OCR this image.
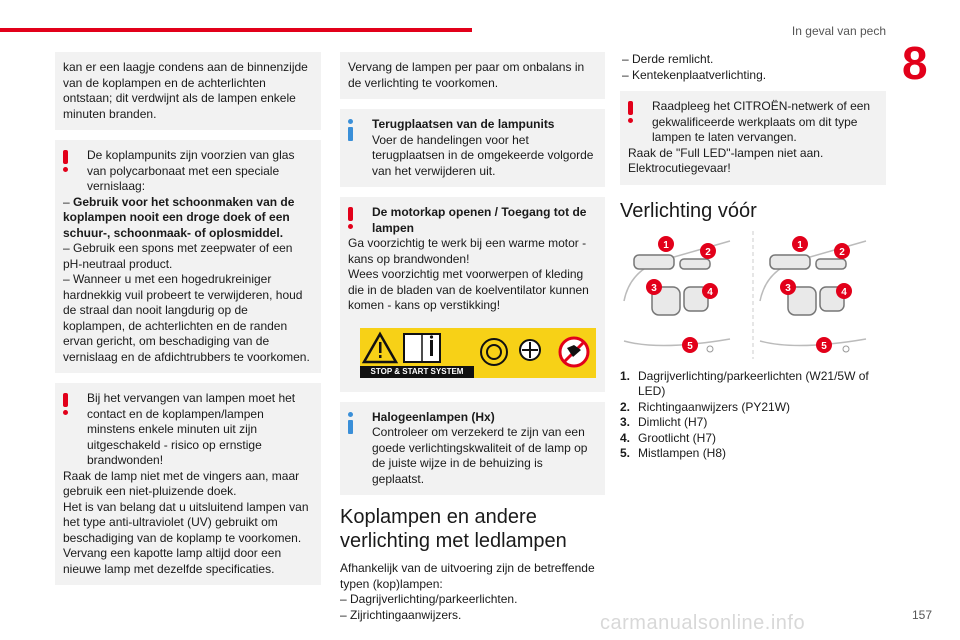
In geval van pech
8

kan er een laagje condens aan de binnenzijde van de koplampen en de achterlichten ontstaan; dit verdwijnt als de lampen enkele minuten branden.

De koplampunits zijn voorzien van glas van polycarbonaat met een speciale vernislaag:

– Gebruik voor het schoonmaken van de koplampen nooit een droge doek of een schuur-, schoonmaak- of oplosmiddel.

– Gebruik een spons met zeepwater of een pH-neutraal product.

– Wanneer u met een hogedrukreiniger hardnekkig vuil probeert te verwijderen, houd de straal dan nooit langdurig op de koplampen, de achterlichten en de randen ervan gericht, om beschadiging van de vernislaag en de afdichtrubbers te voorkomen.

Bij het vervangen van lampen moet het contact en de koplampen/lampen minstens enkele minuten uit zijn uitgeschakeld - risico op ernstige brandwonden!

Raak de lamp niet met de vingers aan, maar gebruik een niet-pluizende doek.

Het is van belang dat u uitsluitend lampen van het type anti-ultraviolet (UV) gebruikt om beschadiging van de koplamp te voorkomen.

Vervang een kapotte lamp altijd door een nieuwe lamp met dezelfde specificaties.

Vervang de lampen per paar om onbalans in de verlichting te voorkomen.

Terugplaatsen van de lampunits

Voer de handelingen voor het terugplaatsen in de omgekeerde volgorde van het verwijderen uit.

De motorkap openen / Toegang tot de lampen

Ga voorzichtig te werk bij een warme motor - kans op brandwonden!

Wees voorzichtig met voorwerpen of kleding die in de bladen van de koelventilator kunnen komen - kans op verstikking!

STOP & START SYSTEM

Halogeenlampen (Hx)

Controleer om verzekerd te zijn van een goede verlichtingskwaliteit of de lamp op de juiste wijze in de behuizing is geplaatst.

Koplampen en andere verlichting met ledlampen
Afhankelijk van de uitvoering zijn de betreffende typen (kop)lampen:
– Dagrijverlichting/parkeerlichten.
– Zijrichtingaanwijzers.
– Derde remlicht.
– Kentekenplaatverlichting.

Raadpleeg het CITROËN-netwerk of een gekwalificeerde werkplaats om dit type lampen te laten vervangen.

Raak de "Full LED"-lampen niet aan.

Elektrocutiegevaar!

Verlichting vóór
1
2
3	4
5
1
2
3	4
5
1. Dagrijverlichting/parkeerlichten (W21/5W of LED)
2. Richtingaanwijzers (PY21W)
3. Dimlicht (H7)
4. Grootlicht (H7)
5. Mistlampen (H8)
carmanualsonline.info	157
